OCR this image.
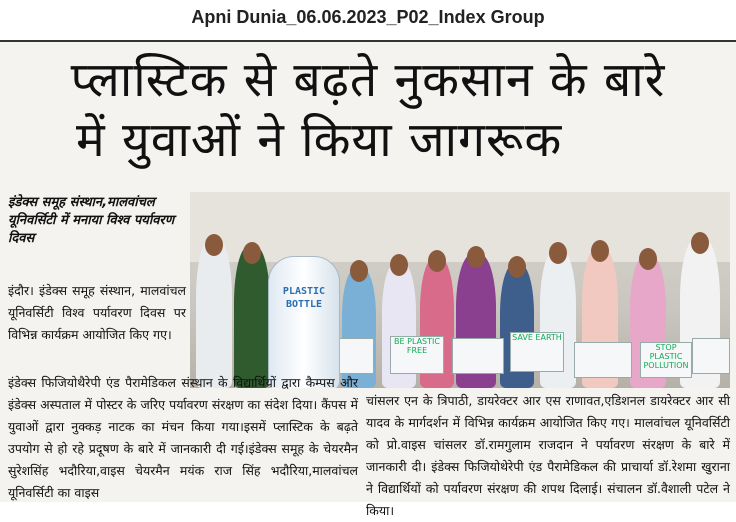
Apni Dunia_06.06.2023_P02_Index Group
प्लास्टिक से बढ़ते नुकसान के बारे
में युवाओं ने किया जागरूक
इंडेक्स समूह संस्थान,मालवांचल यूनिवर्सिटी में मनाया विश्व पर्यावरण दिवस
इंदौर। इंडेक्स समूह संस्थान, मालवांचल यूनिवर्सिटी विश्व पर्यावरण दिवस पर विभिन्न कार्यक्रम आयोजित किए गए।	BE PLASTIC FREE
SAVE EARTH
STOP PLASTIC POLLUTION
PLASTIC BOTTLE
इंडेक्स फिजियोथैरेपी एंड पैरामेडिकल संस्थान के विद्यार्थियों द्वारा कैम्पस और इंडेक्स अस्पताल में पोस्टर के जरिए पर्यावरण संरक्षण का संदेश दिया। कैंपस में युवाओं द्वारा नुक्कड़ नाटक का मंचन किया गया।इसमें प्लास्टिक के बढ़ते उपयोग से हो रहे प्रदूषण के बारे में जानकारी दी गई।इंडेक्स समूह के चेयरमैन सुरेशसिंह भदौरिया,वाइस चेयरमैन मयंक राज सिंह भदौरिया,मालवांचल यूनिवर्सिटी का वाइस
चांसलर एन के त्रिपाठी, डायरेक्टर आर एस राणावत,एडिशनल डायरेक्टर आर सी यादव के मार्गदर्शन में विभिन्न कार्यक्रम आयोजित किए गए। मालवांचल यूनिवर्सिटी को प्रो.वाइस चांसलर डॉ.रामगुलाम राजदान ने पर्यावरण संरक्षण के बारे में जानकारी दी। इंडेक्स फिजियोथेरेपी एंड पैरामेडिकल की प्राचार्या डॉ.रेशमा खुराना ने विद्यार्थियों को पर्यावरण संरक्षण की शपथ दिलाई। संचालन डॉ.वैशाली पटेल ने किया।
